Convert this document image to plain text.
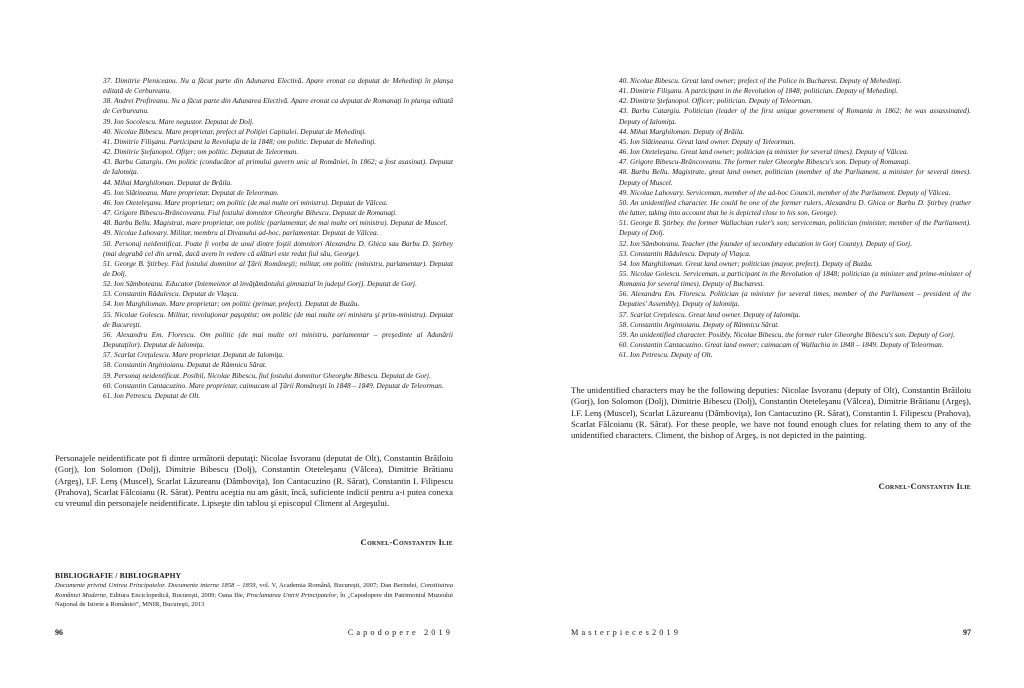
37. Dimitrie Plenіceanu. Nu a făcut parte din Adunarea Electivă. Apare eronat ca deputat de Mehedinţi în planşa editată de Cerbureanu.
38. Andrei Profireanu. Nu a făcut parte din Adunarea Electivă. Apare eronat ca deputat de Romanaţi în planşa editată de Cerbureanu.
39. Ion Socolescu. Mare negustor. Deputat de Dolj.
40. Nicolae Bibescu. Mare proprietar, prefect al Poliţiei Capitalei. Deputat de Mehedinţi.
41. Dimitrie Filişanu. Participant la Revoluţia de la 1848; om politic. Deputat de Mehedinţi.
42. Dimitrie Ştefanopol. Ofiţer; om politic. Deputat de Teleorman.
43. Barbu Catargiu. Om politic (conducător al primului guvern unic al României, în 1862; a fost asasinat). Deputat de Ialomiţa.
44. Mihai Marghiloman. Deputat de Brăila.
45. Ion Slătineanu. Mare proprietar. Deputat de Teleorman.
46. Ion Oteteleşanu. Mare proprietar; om politic (de mai multe ori ministru). Deputat de Vâlcea.
47. Grigore Bibescu-Brâncoveanu. Fiul fostului domnitor Gheorghe Bibescu. Deputat de Romanaţi.
48. Barbu Bellu. Magistrat, mare proprietar, om politic (parlamentar, de mai multe ori ministru). Deputat de Muscel.
49. Nicolae Lahovary. Militar, membru al Divanului ad-hoc, parlamentar. Deputat de Vâlcea.
50. Personaj neidentificat. Poate fi vorba de unul dintre foştii domnitori Alexandru D. Ghica sau Barbu D. Ştirbey (mai degrabă cel din urmă, dacă avem în vedere că alături este redat fiul său, George).
51. George B. Ştirbey. Fiul fostului domnitor al Ţării Româneşti; militar, om politic (ministru, parlamentar). Deputat de Dolj.
52. Ion Sămboteanu. Educator (întemeietor al învăţământului gimnazial în judeţul Gorj). Deputat de Gorj.
53. Constantin Rădulescu. Deputat de Vlaşca.
54. Ion Marghiloman. Mare proprietar; om politic (primar, prefect). Deputat de Buzău.
55. Nicolae Golescu. Militar, revoluţionar paşoptist; om politic (de mai multe ori ministru şi prim-ministru). Deputat de Bucureşti.
56. Alexandru Em. Florescu. Om politic (de mai multe ori ministru, parlamentar – preşedinte al Adunării Deputaţilor). Deputat de Ialomiţa.
57. Scarlat Creţulescu. Mare proprietar. Deputat de Ialomiţa.
58. Constantin Argintoianu. Deputat de Râmnicu Sărat.
59. Personaj neidentificat. Posibil, Nicolae Bibescu, fiul fostului domnitor Gheorghe Bibescu. Deputat de Gorj.
60. Constantin Cantacuzino. Mare proprietar, caimacam al Ţării Româneşti în 1848 – 1849. Deputat de Teleorman.
61. Ion Petrescu. Deputat de Olt.

Personajele neidentificate pot fi dintre următorii deputaţi: Nicolae Isvoranu (deputat de Olt), Constantin Brăiloiu (Gorj), Ion Solomon (Dolj), Dimitrie Bibescu (Dolj), Constantin Oteteleşanu (Vâlcea), Dimitrie Brătianu (Argeş), I.F. Lenş (Muscel), Scarlat Lăzureanu (Dâmboviţa), Ion Cantacuzino (R. Sărat), Constantin I. Filipescu (Prahova), Scarlat Fălcoianu (R. Sărat). Pentru aceştia nu am găsit, încă, suficiente indicii pentru a-i putea conexa cu vreunul din personajele neidentificate. Lipseşte din tablou şi episcopul Climent al Argeşului.

Cornel-Constantin Ilie

BIBLIOGRAFIE / BIBLIOGRAPHY

Documente privind Unirea Principatelor. Documente interne 1858 – 1859, vol. V, Academia Română, Bucureşti, 2007; Dan Berindei, Constituirea României Moderne, Editura Enciclopedică, Bucureşti, 2009; Oana Ilie, Proclamarea Unirii Principatelor, în „Capodopere din Patrimoniul Muzeului Naţional de Istorie a României”, MNIR, Bucureşti, 2013

96	Capodopere 2019

40. Nicolae Bibescu. Great land owner; prefect of the Police in Bucharest. Deputy of Mehedinţi.
41. Dimitrie Filişanu. A participant in the Revolution of 1848; politician. Deputy of Mehedinţi.
42. Dimitrie Ştefanopol. Officer; politician. Deputy of Teleorman.
43. Barbu Catargiu. Politician (leader of the first unique government of Romania in 1862; he was assassinated). Deputy of Ialomiţa.
44. Mihai Marghiloman. Deputy of Brăila.
45. Ion Slătineanu. Great land owner. Deputy of Teleorman.
46. Ion Oteteleşanu. Great land owner; politician (a minister for several times). Deputy of Vâlcea.
47. Grigore Bibescu-Brâncoveanu. The former ruler Gheorghe Bibescu's son. Deputy of Romanaţi.
48. Barbu Bellu. Magistrate, great land owner, politician (member of the Parliament, a minister for several times). Deputy of Muscel.
49. Nicolae Lahovary. Serviceman, member of the ad-hoc Council, member of the Parliament. Deputy of Vâlcea.
50. An unidentified character. He could be one of the former rulers, Alexandru D. Ghica or Barbu D. Ştirbey (rather the latter, taking into account that he is depicted close to his son, George).
51. George B. Ştirbey. the former Wallachian ruler's son; serviceman, politician (minister, member of the Parliament). Deputy of Dolj.
52. Ion Sămboteanu. Teacher (the founder of secondary education in Gorj County). Deputy of Gorj.
53. Constantin Rădulescu. Deputy of Vlaşca.
54. Ion Marghiloman. Great land owner; politician (mayor, prefect). Deputy of Buzău.
55. Nicolae Golescu. Serviceman, a participant in the Revolution of 1848; politician (a minister and prime-minister of Romania for several times). Deputy of Bucharest.
56. Alexandru Em. Florescu. Politician (a minister for several times, member of the Parliament – president of the Deputies' Assembly). Deputy of Ialomiţa.
57. Scarlat Creţulescu. Great land owner. Deputy of Ialomiţa.
58. Constantin Argintoianu. Deputy of Râmnicu Sărat.
59. An unidentified character. Posibly, Nicolae Bibescu, the former ruler Gheorghe Bibescu's son. Deputy of Gorj.
60. Constantin Cantacuzino. Great land owner; caimacam of Wallachia in 1848 – 1849. Deputy of Teleorman.
61. Ion Petrescu. Deputy of Olt.

The unidentified characters may be the following deputies: Nicolae Isvoranu (deputy of Olt), Constantin Brăiloiu (Gorj), Ion Solomon (Dolj), Dimitrie Bibescu (Dolj), Constantin Oteteleşanu (Vâlcea), Dimitrie Brătianu (Argeş), I.F. Lenş (Muscel), Scarlat Lăzureanu (Dâmboviţa), Ion Cantacuzino (R. Sărat), Constantin I. Filipescu (Prahova), Scarlat Fălcoianu (R. Sărat). For these people, we have not found enough clues for relating them to any of the unidentified characters. Climent, the bishop of Argeş, is not depicted in the painting.

Cornel-Constantin Ilie

Masterpieces2019	97
